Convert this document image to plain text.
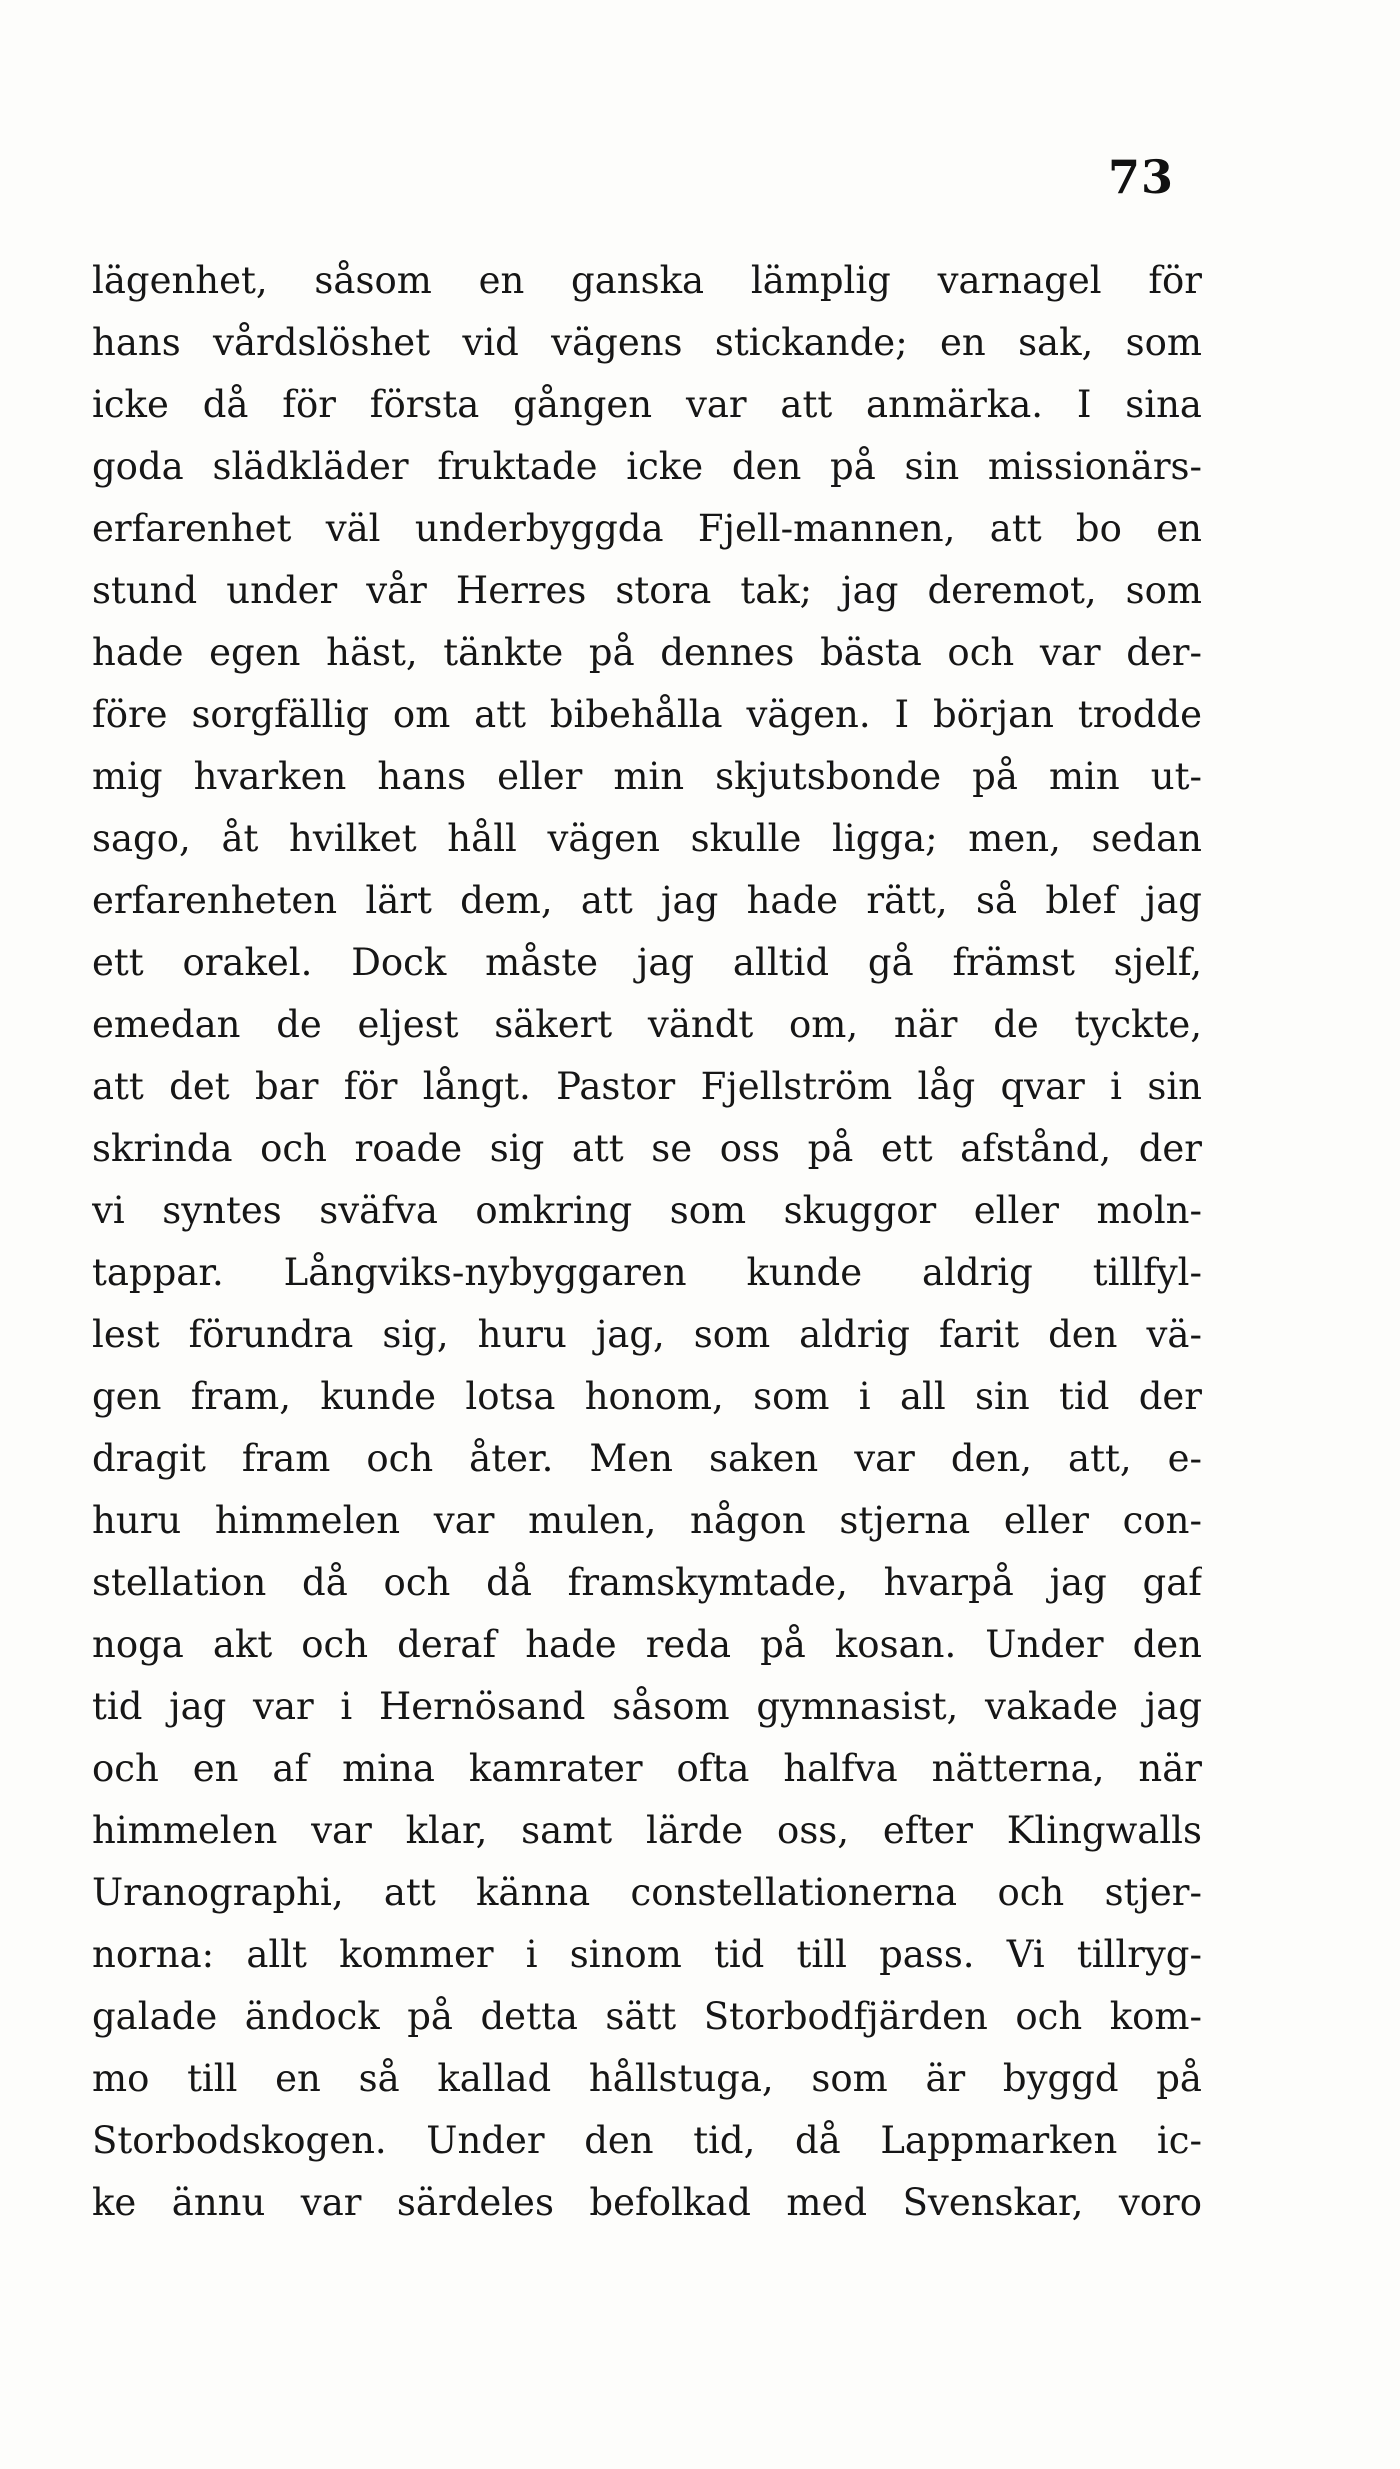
73
lägenhet, såsom en ganska lämplig varnagel för
hans vårdslöshet vid vägens stickande; en sak, som
icke då för första gången var att anmärka. I sina
goda slädkläder fruktade icke den på sin missionärs-
erfarenhet väl underbyggda Fjell-mannen, att bo en
stund under vår Herres stora tak; jag deremot, som
hade egen häst, tänkte på dennes bästa och var der-
före sorgfällig om att bibehålla vägen. I början trodde
mig hvarken hans eller min skjutsbonde på min ut-
sago, åt hvilket håll vägen skulle ligga; men, sedan
erfarenheten lärt dem, att jag hade rätt, så blef jag
ett orakel. Dock måste jag alltid gå främst sjelf,
emedan de eljest säkert vändt om, när de tyckte,
att det bar för långt. Pastor Fjellström låg qvar i sin
skrinda och roade sig att se oss på ett afstånd, der
vi syntes sväfva omkring som skuggor eller moln-
tappar. Långviks-nybyggaren kunde aldrig tillfyl-
lest förundra sig, huru jag, som aldrig farit den vä-
gen fram, kunde lotsa honom, som i all sin tid der
dragit fram och åter. Men saken var den, att, e-
huru himmelen var mulen, någon stjerna eller con-
stellation då och då framskymtade, hvarpå jag gaf
noga akt och deraf hade reda på kosan. Under den
tid jag var i Hernösand såsom gymnasist, vakade jag
och en af mina kamrater ofta halfva nätterna, när
himmelen var klar, samt lärde oss, efter Klingwalls
Uranographi, att känna constellationerna och stjer-
norna: allt kommer i sinom tid till pass. Vi tillryg-
galade ändock på detta sätt Storbodfjärden och kom-
mo till en så kallad hållstuga, som är byggd på
Storbodskogen. Under den tid, då Lappmarken ic-
ke ännu var särdeles befolkad med Svenskar, voro
